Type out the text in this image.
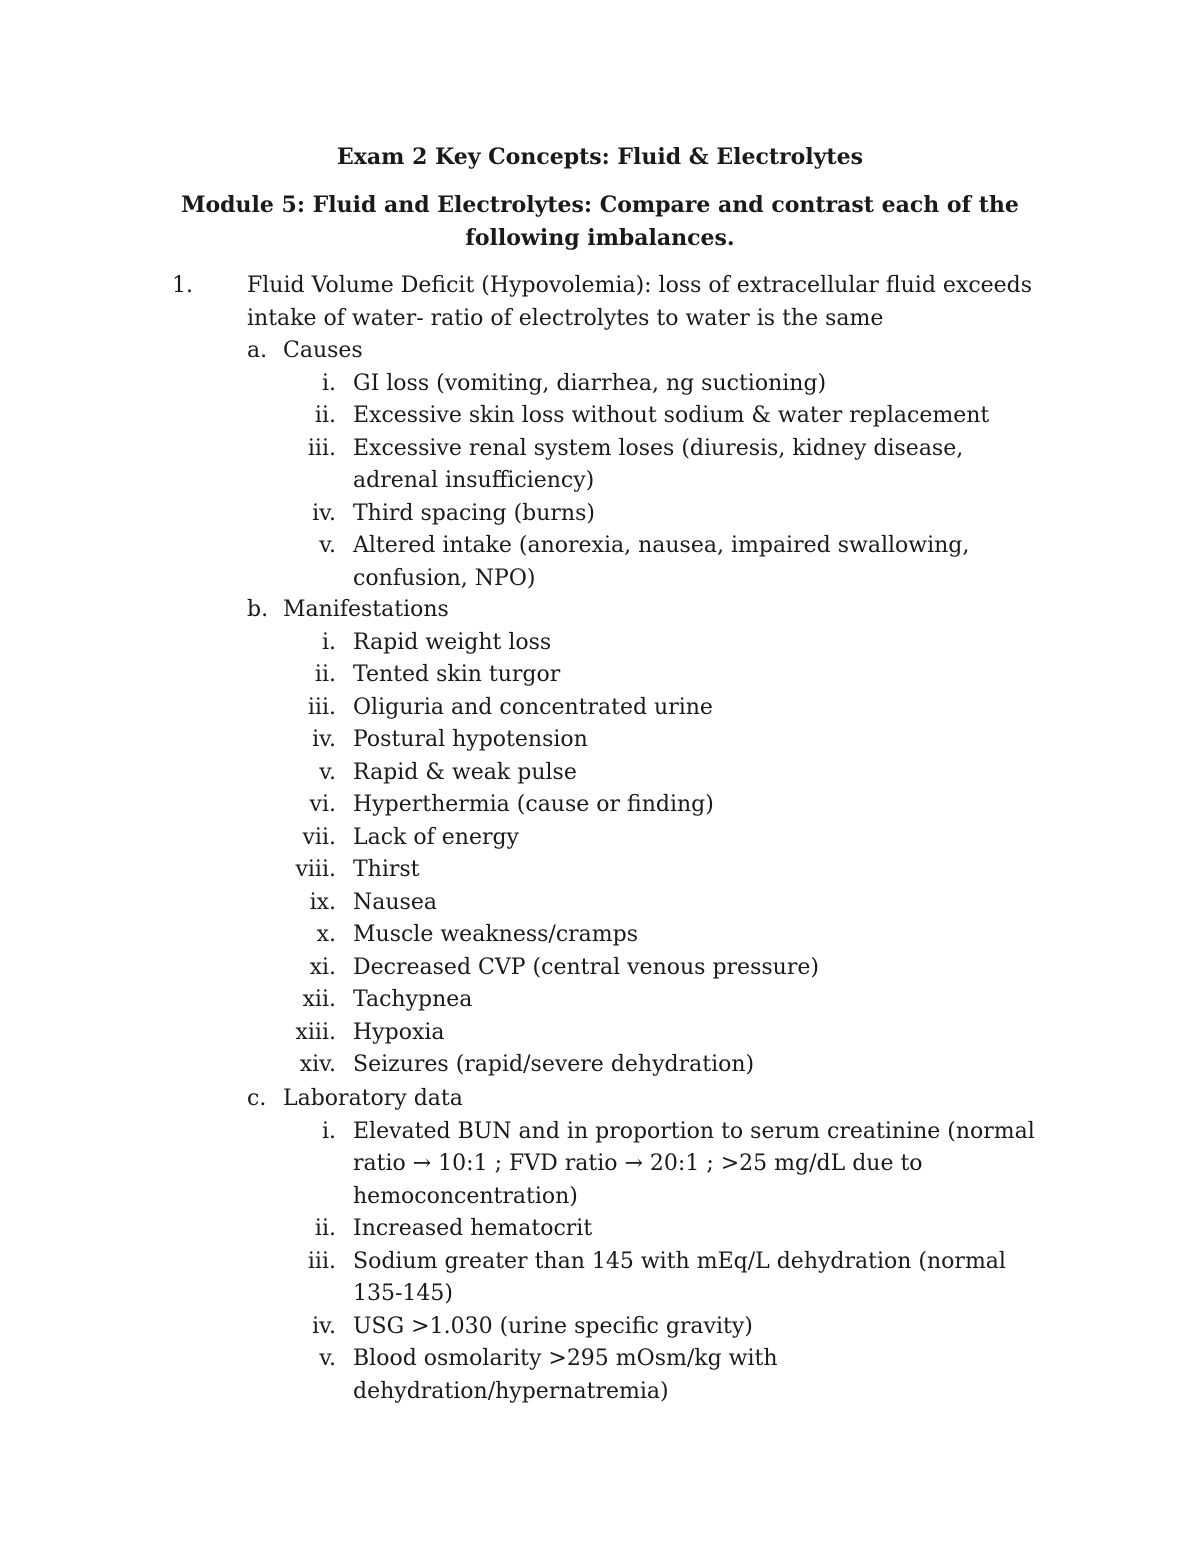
Exam 2 Key Concepts: Fluid & Electrolytes
Module 5: Fluid and Electrolytes: Compare and contrast each of the following imbalances.
1.	Fluid Volume Deficit (Hypovolemia): loss of extracellular fluid exceeds intake of water- ratio of electrolytes to water is the same
a. Causes
i. GI loss (vomiting, diarrhea, ng suctioning)
ii. Excessive skin loss without sodium & water replacement
iii. Excessive renal system loses (diuresis, kidney disease, adrenal insufficiency)
iv. Third spacing (burns)
v. Altered intake (anorexia, nausea, impaired swallowing, confusion, NPO)
b. Manifestations
i. Rapid weight loss
ii. Tented skin turgor
iii. Oliguria and concentrated urine
iv. Postural hypotension
v. Rapid & weak pulse
vi. Hyperthermia (cause or finding)
vii. Lack of energy
viii. Thirst
ix. Nausea
x. Muscle weakness/cramps
xi. Decreased CVP (central venous pressure)
xii. Tachypnea
xiii. Hypoxia
xiv. Seizures (rapid/severe dehydration)
c. Laboratory data
i. Elevated BUN and in proportion to serum creatinine (normal ratio → 10:1 ; FVD ratio → 20:1 ; >25 mg/dL due to hemoconcentration)
ii. Increased hematocrit
iii. Sodium greater than 145 with mEq/L dehydration (normal 135-145)
iv. USG >1.030 (urine specific gravity)
v. Blood osmolarity >295 mOsm/kg with dehydration/hypernatremia)
